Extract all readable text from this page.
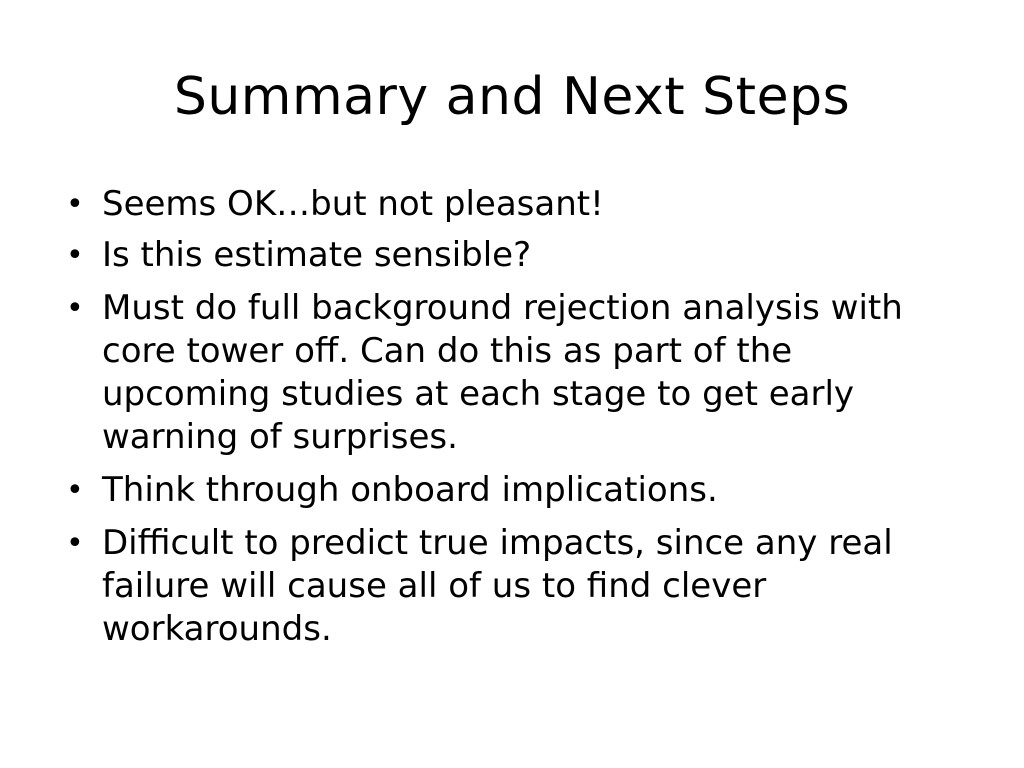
Summary and Next Steps
• Seems OK…but not pleasant!
• Is this estimate sensible?
• Must do full background rejection analysis with core tower off. Can do this as part of the upcoming studies at each stage to get early warning of surprises.
• Think through onboard implications.
• Difficult to predict true impacts, since any real failure will cause all of us to find clever workarounds.
